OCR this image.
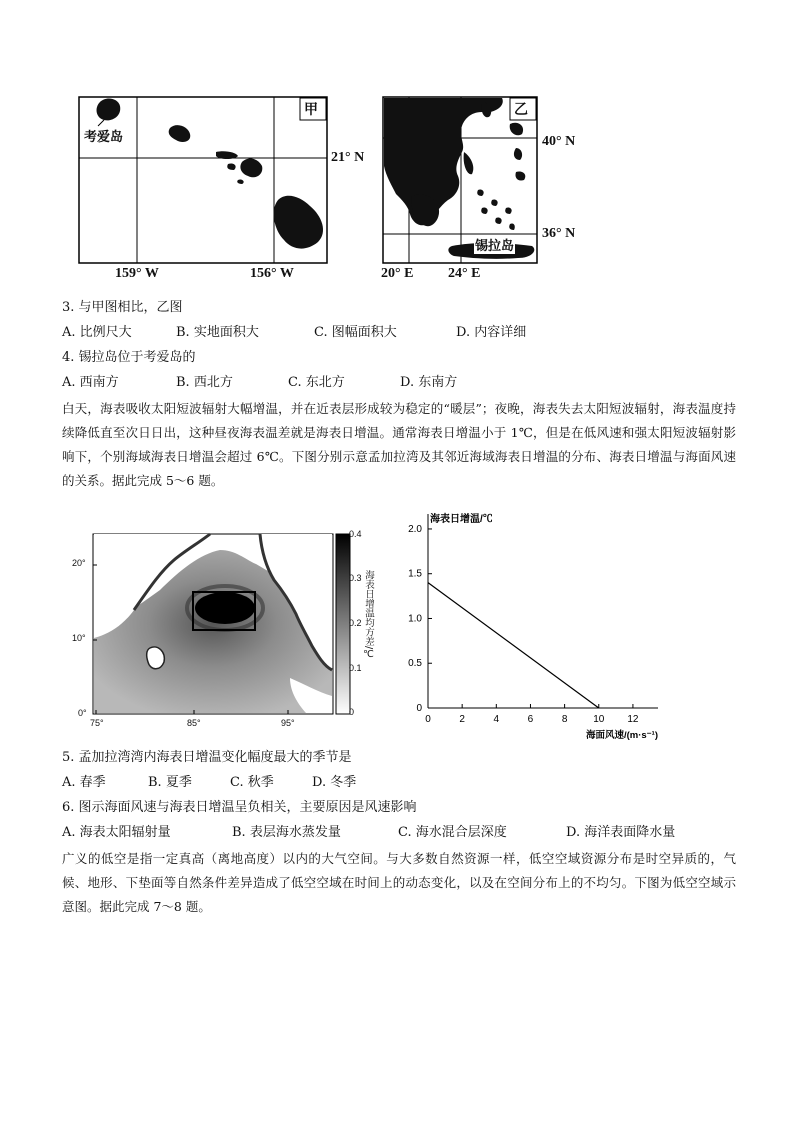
甲
考爱岛
21° N
159° W	156° W
乙
锡拉岛
40° N
36° N
20° E 24° E
3. 与甲图相比，乙图
A. 比例尺大	B. 实地面积大	C. 图幅面积大	D. 内容详细
4. 锡拉岛位于考爱岛的
A. 西南方	B. 西北方	C. 东北方	D. 东南方
白天，海表吸收太阳短波辐射大幅增温，并在近表层形成较为稳定的“暖层”；夜晚，海表失去太阳短波辐射，海表温度持续降低直至次日日出，这种昼夜海表温差就是海表日增温。通常海表日增温小于 1℃，但是在低风速和强太阳短波辐射影响下，个别海域海表日增温会超过 6℃。下图分别示意孟加拉湾及其邻近海域海表日增温的分布、海表日增温与海面风速的关系。据此完成 5～6 题。
20°
10°
0°
75°	85°	95°
0.4
0.3
0.2
0.1
0
海表日增温均方差/℃
0
0.5
1.0
1.5
2.0
0	2	4	6	8	10 12
海表日增温/℃
海面风速/(m·s⁻¹)
5. 孟加拉湾湾内海表日增温变化幅度最大的季节是
A. 春季	B. 夏季	C. 秋季	D. 冬季
6. 图示海面风速与海表日增温呈负相关，主要原因是风速影响
A. 海表太阳辐射量	B. 表层海水蒸发量	C. 海水混合层深度	D. 海洋表面降水量
广义的低空是指一定真高（离地高度）以内的大气空间。与大多数自然资源一样，低空空域资源分布是时空异质的，气候、地形、下垫面等自然条件差异造成了低空空域在时间上的动态变化，以及在空间分布上的不均匀。下图为低空空域示意图。据此完成 7～8 题。
